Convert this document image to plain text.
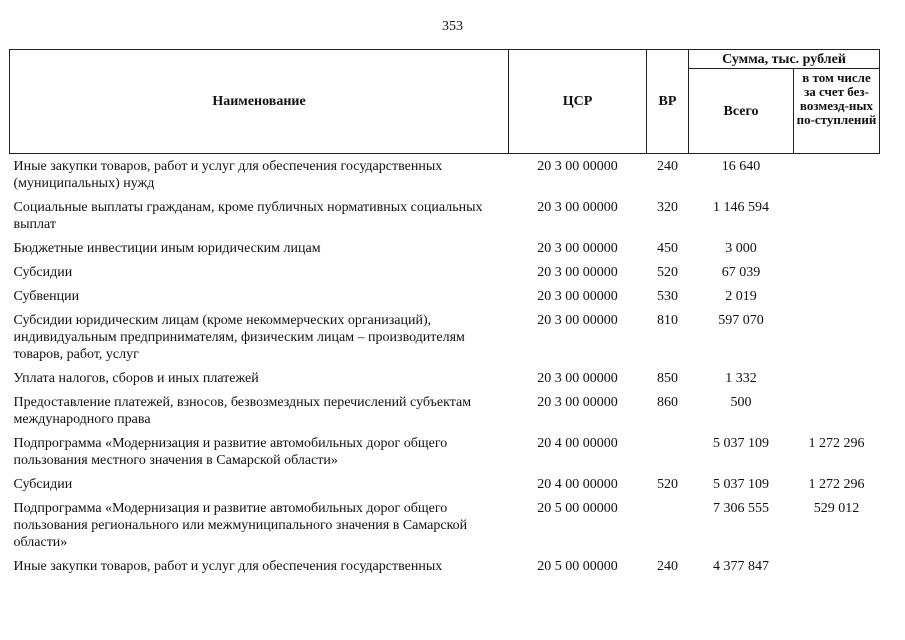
353
Наименование	ЦСР	ВР	Сумма, тыс. рублей	
			Всего	в том числе за счет без-возмезд-ных по-ступлений
Иные закупки товаров, работ и услуг для обеспечения государственных (муниципальных) нужд	20 3 00 00000	240	16 640	
Социальные выплаты гражданам, кроме публичных нормативных социальных выплат	20 3 00 00000	320	1 146 594	
Бюджетные инвестиции иным юридическим лицам	20 3 00 00000	450	3 000	
Субсидии	20 3 00 00000	520	67 039	
Субвенции	20 3 00 00000	530	2 019	
Субсидии юридическим лицам (кроме некоммерческих организаций), индивидуальным предпринимателям, физическим лицам – производителям товаров, работ, услуг	20 3 00 00000	810	597 070	
Уплата налогов, сборов и иных платежей	20 3 00 00000	850	1 332	
Предоставление платежей, взносов, безвозмездных перечислений субъектам международного права	20 3 00 00000	860	500	
Подпрограмма «Модернизация и развитие автомобильных дорог общего пользования местного значения в Самарской области»	20 4 00 00000		5 037 109	1 272 296
Субсидии	20 4 00 00000	520	5 037 109	1 272 296
Подпрограмма «Модернизация и развитие автомобильных дорог общего пользования регионального или межмуниципального значения в Самарской области»	20 5 00 00000		7 306 555	529 012
Иные закупки товаров, работ и услуг для обеспечения государственных	20 5 00 00000	240	4 377 847	
